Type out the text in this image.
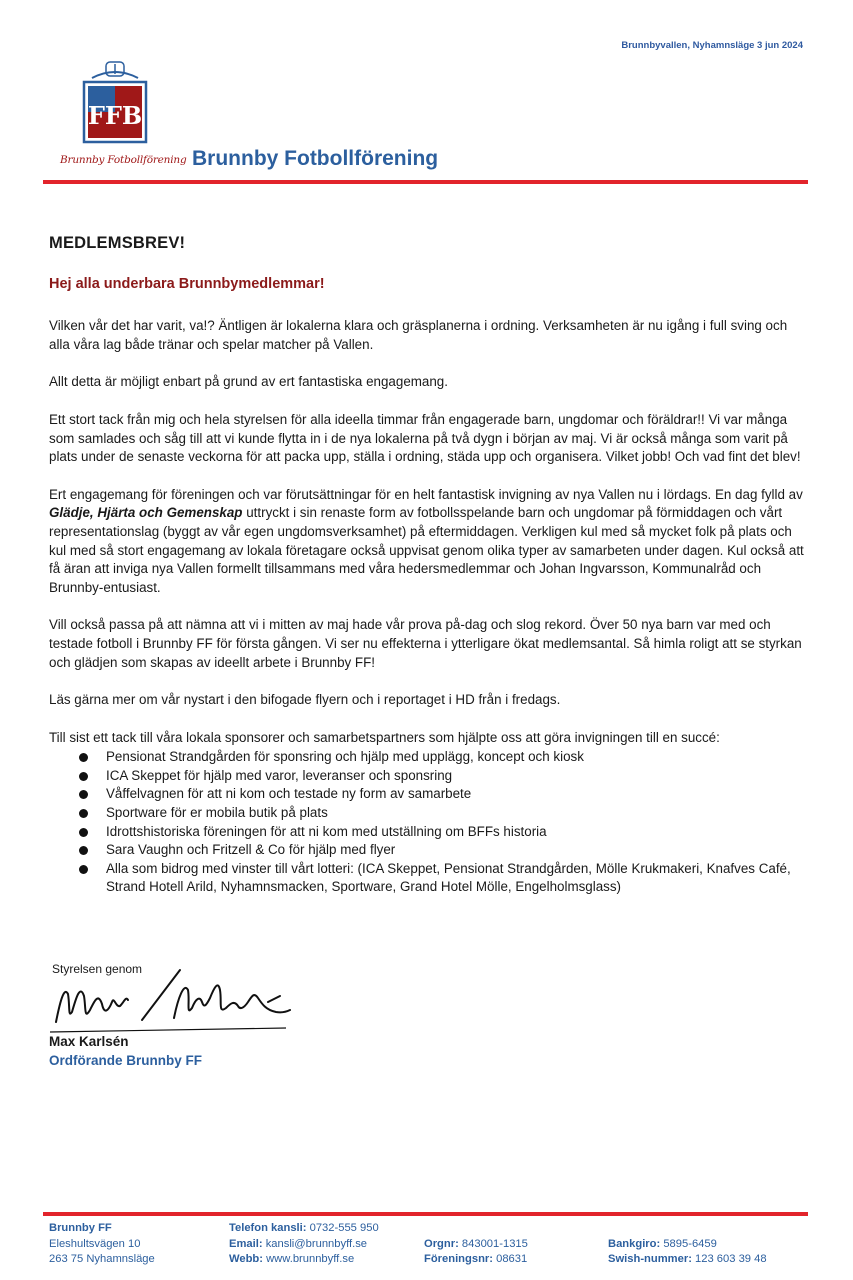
Brunnbyvallen, Nyhamnsläge 3 jun 2024
FFB
Brunnby Fotbollförening Brunnby Fotbollförening

MEDLEMSBREV!

Hej alla underbara Brunnbymedlemmar!

Vilken vår det har varit, va!? Äntligen är lokalerna klara och gräsplanerna i ordning. Verksamheten är nu igång i full sving och alla våra lag både tränar och spelar matcher på Vallen.

Allt detta är möjligt enbart på grund av ert fantastiska engagemang.

Ett stort tack från mig och hela styrelsen för alla ideella timmar från engagerade barn, ungdomar och föräldrar!! Vi var många som samlades och såg till att vi kunde flytta in i de nya lokalerna på två dygn i början av maj. Vi är också många som varit på plats under de senaste veckorna för att packa upp, ställa i ordning, städa upp och organisera. Vilket jobb! Och vad fint det blev!

Ert engagemang för föreningen och var förutsättningar för en helt fantastisk invigning av nya Vallen nu i lördags. En dag fylld av Glädje, Hjärta och Gemenskap uttryckt i sin renaste form av fotbollsspelande barn och ungdomar på förmiddagen och vårt representationslag (byggt av vår egen ungdomsverksamhet) på eftermiddagen. Verkligen kul med så mycket folk på plats och kul med så stort engagemang av lokala företagare också uppvisat genom olika typer av samarbeten under dagen. Kul också att få äran att inviga nya Vallen formellt tillsammans med våra hedersmedlemmar och Johan Ingvarsson, Kommunalråd och Brunnby-entusiast.

Vill också passa på att nämna att vi i mitten av maj hade vår prova på-dag och slog rekord. Över 50 nya barn var med och testade fotboll i Brunnby FF för första gången. Vi ser nu effekterna i ytterligare ökat medlemsantal. Så himla roligt att se styrkan och glädjen som skapas av ideellt arbete i Brunnby FF!

Läs gärna mer om vår nystart i den bifogade flyern och i reportaget i HD från i fredags.

Till sist ett tack till våra lokala sponsorer och samarbetspartners som hjälpte oss att göra invigningen till en succé:

Pensionat Strandgården för sponsring och hjälp med upplägg, koncept och kiosk
ICA Skeppet för hjälp med varor, leveranser och sponsring
Våffelvagnen för att ni kom och testade ny form av samarbete
Sportware för er mobila butik på plats
Idrottshistoriska föreningen för att ni kom med utställning om BFFs historia
Sara Vaughn och Fritzell & Co för hjälp med flyer
Alla som bidrog med vinster till vårt lotteri: (ICA Skeppet, Pensionat Strandgården, Mölle Krukmakeri, Knafves Café, Strand Hotell Arild, Nyhamnsmacken, Sportware, Grand Hotel Mölle, Engelholmsglass)
Styrelsen genom
Max Karlsén
Ordförande Brunnby FF
Brunnby FF
Eleshultsvägen 10
263 75 Nyhamnsläge
Telefon kansli: 0732-555 950
Email: kansli@brunnbyff.se
Webb: www.brunnbyff.se
Orgnr: 843001-1315
Föreningsnr: 08631
Bankgiro: 5895-6459
Swish-nummer: 123 603 39 48
